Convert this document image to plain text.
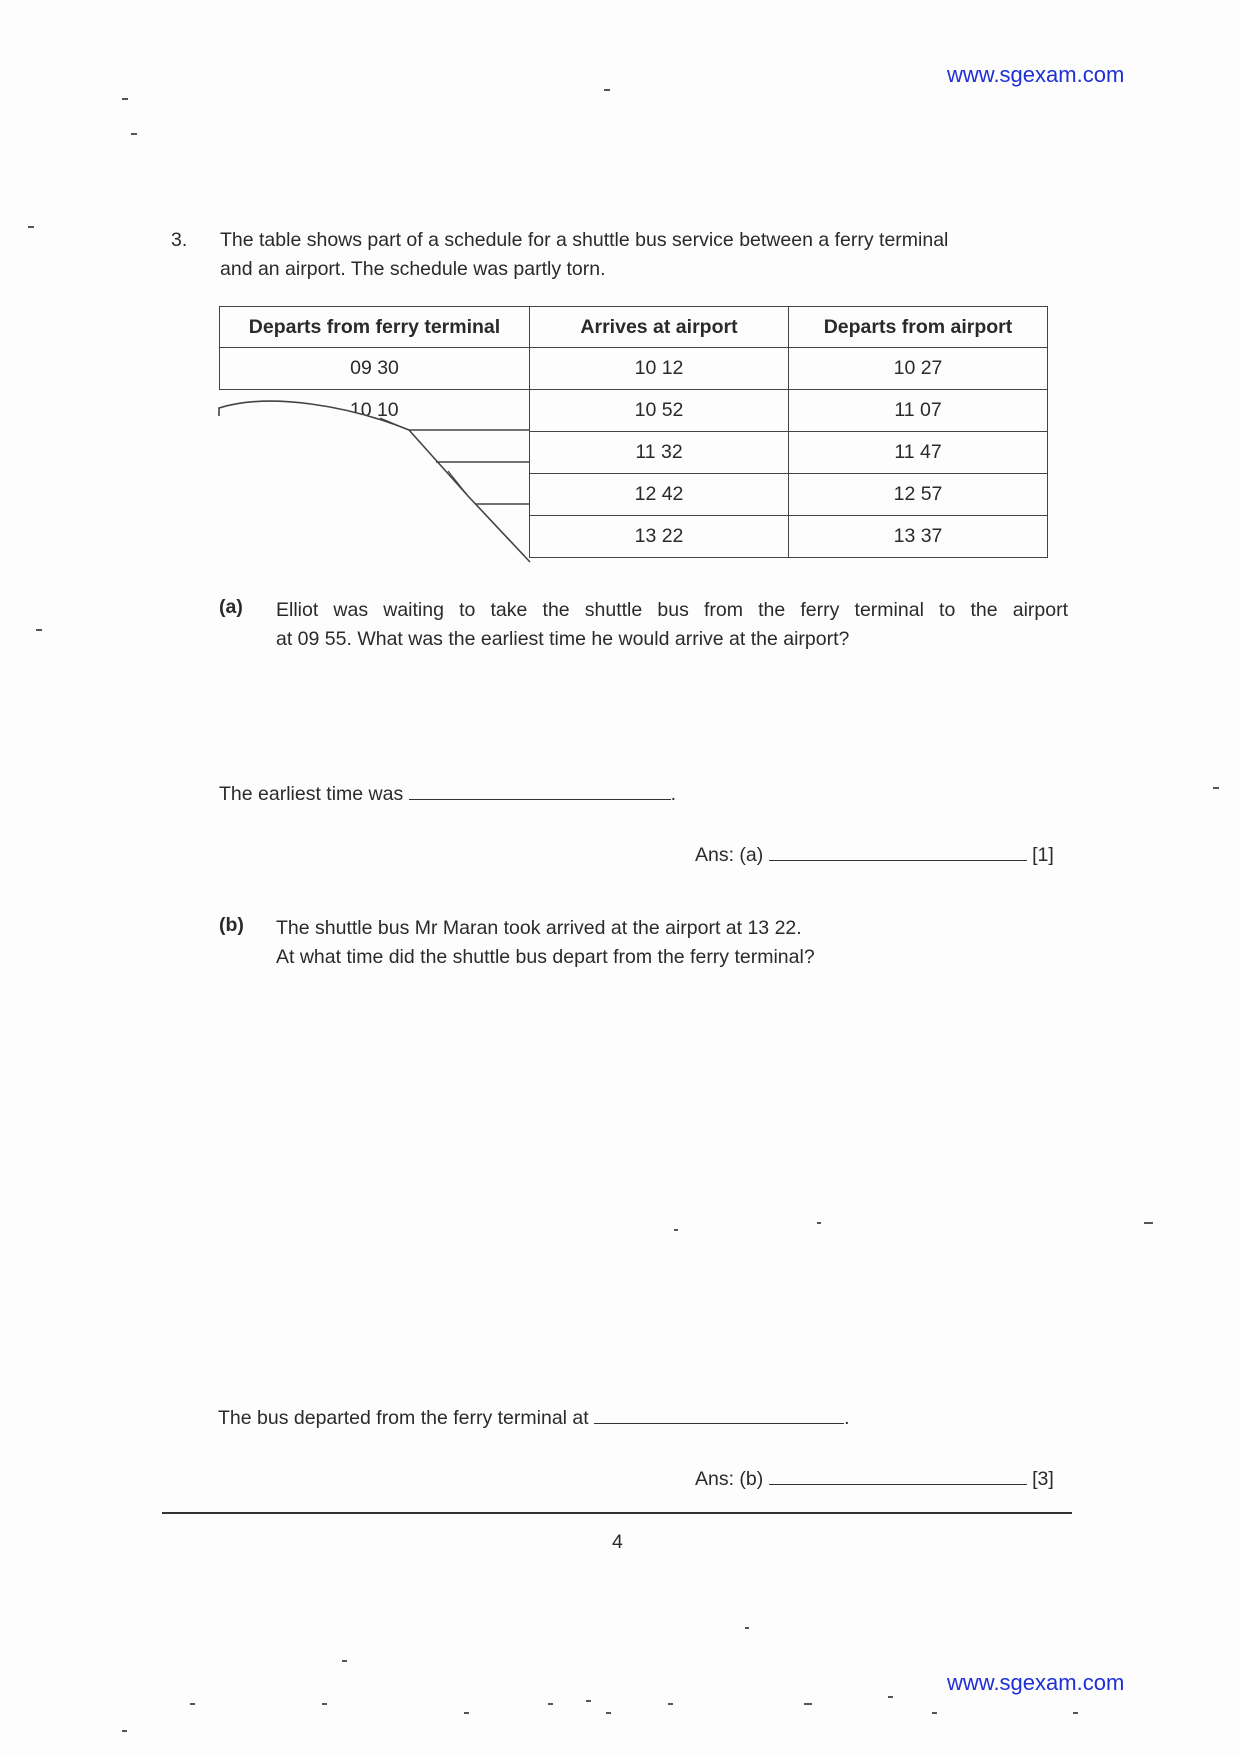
www.sgexam.com
3. The table shows part of a schedule for a shuttle bus service between a ferry terminal
and an airport. The schedule was partly torn.
Departs from ferry terminal	Arrives at airport	Departs from airport
09 30	10 12	10 27
10 10	10 52	11 07
	11 32	11 47
	12 42	12 57
	13 22	13 37
(a) Elliot was waiting to take the shuttle bus from the ferry terminal to the airport
at 09 55. What was the earliest time he would arrive at the airport?
The earliest time was	.
Ans: (a)	[1]
(b) The shuttle bus Mr Maran took arrived at the airport at 13 22.
At what time did the shuttle bus depart from the ferry terminal?
The bus departed from the ferry terminal at	.
Ans: (b)	[3]
4
www.sgexam.com
